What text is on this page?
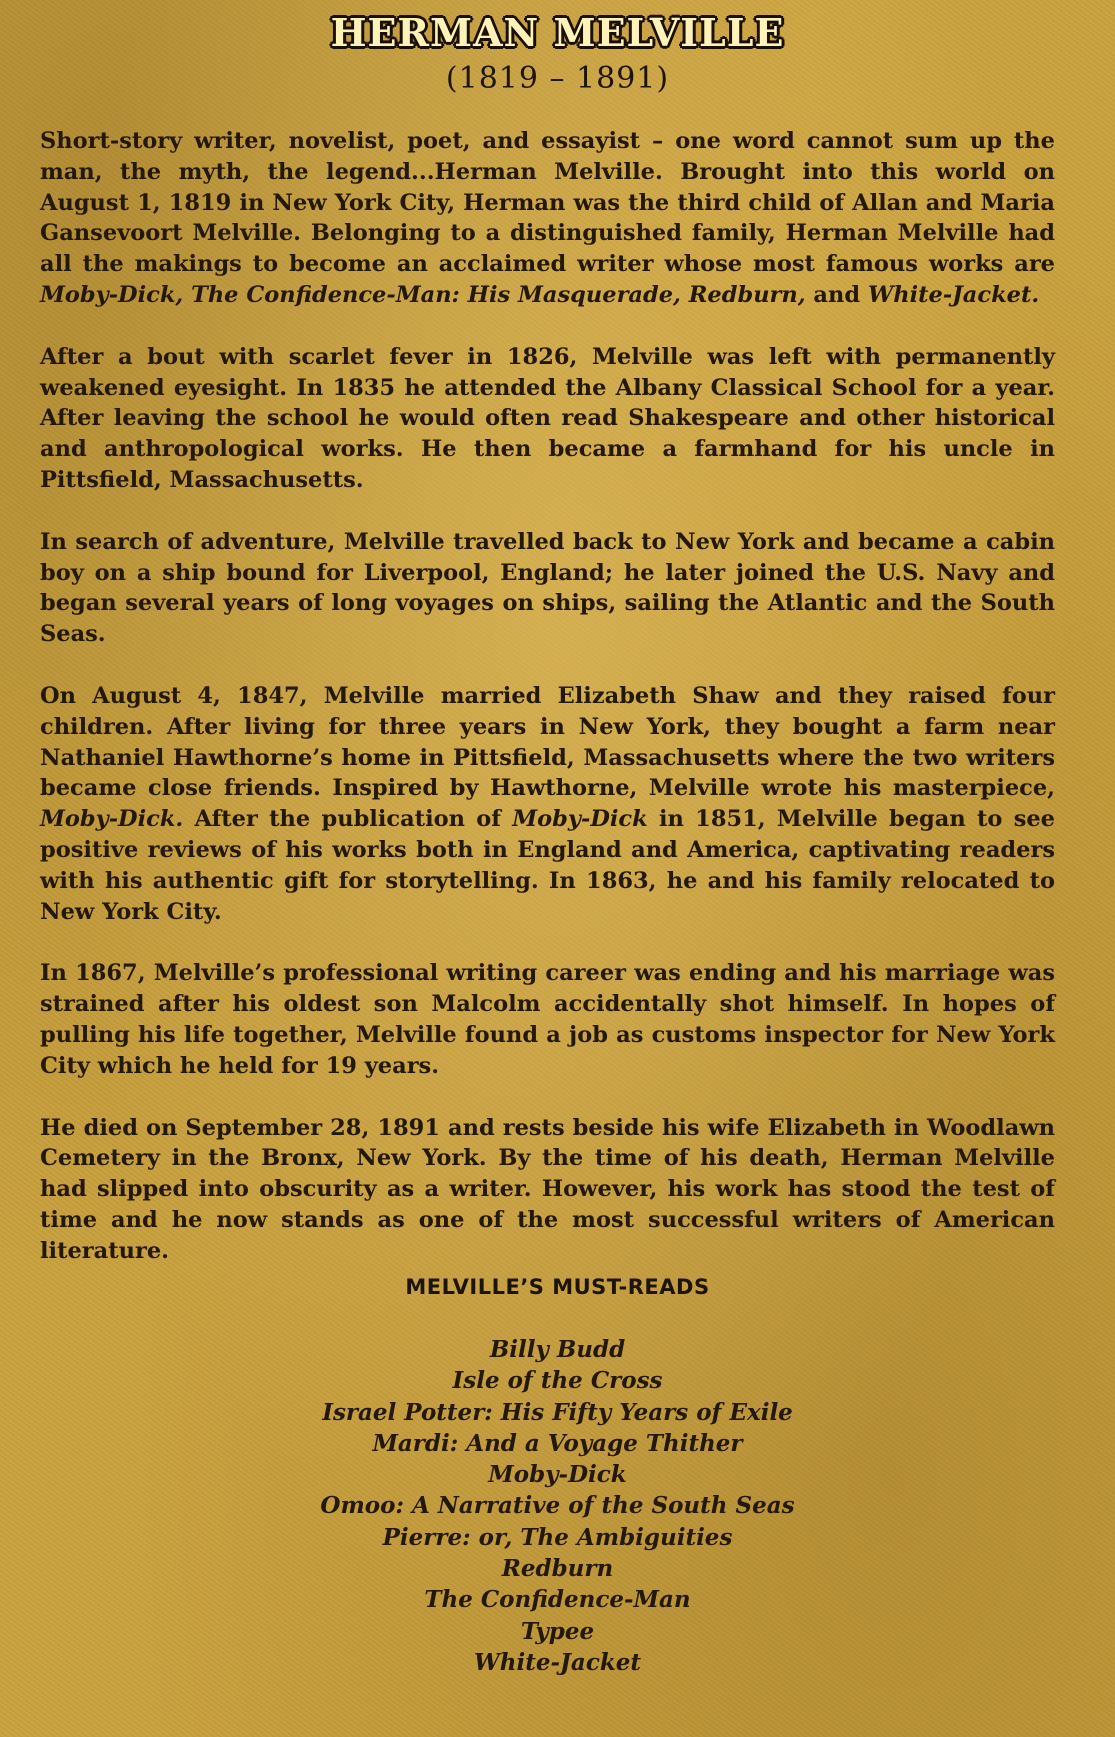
HERMAN MELVILLE
(1819 – 1891)

Short-story writer, novelist, poet, and essayist – one word cannot sum up the man, the myth, the legend...Herman Melville. Brought into this world on August 1, 1819 in New York City, Herman was the third child of Allan and Maria Gansevoort Melville. Belonging to a distinguished family, Herman Melville had all the makings to become an acclaimed writer whose most famous works are Moby-Dick, The Confidence-Man: His Masquerade, Redburn, and White-Jacket.

After a bout with scarlet fever in 1826, Melville was left with permanently weakened eyesight. In 1835 he attended the Albany Classical School for a year. After leaving the school he would often read Shakespeare and other historical and anthropological works. He then became a farmhand for his uncle in Pittsfield, Massachusetts.

In search of adventure, Melville travelled back to New York and became a cabin boy on a ship bound for Liverpool, England; he later joined the U.S. Navy and began several years of long voyages on ships, sailing the Atlantic and the South Seas.

On August 4, 1847, Melville married Elizabeth Shaw and they raised four children. After living for three years in New York, they bought a farm near Nathaniel Hawthorne’s home in Pittsfield, Massachusetts where the two writers became close friends. Inspired by Hawthorne, Melville wrote his masterpiece, Moby-Dick. After the publication of Moby-Dick in 1851, Melville began to see positive reviews of his works both in England and America, captivating readers with his authentic gift for storytelling. In 1863, he and his family relocated to New York City.

In 1867, Melville’s professional writing career was ending and his marriage was strained after his oldest son Malcolm accidentally shot himself. In hopes of pulling his life together, Melville found a job as customs inspector for New York City which he held for 19 years.

He died on September 28, 1891 and rests beside his wife Elizabeth in Woodlawn Cemetery in the Bronx, New York. By the time of his death, Herman Melville had slipped into obscurity as a writer. However, his work has stood the test of time and he now stands as one of the most successful writers of American literature.

MELVILLE’S MUST-READS
Billy Budd
Isle of the Cross
Israel Potter: His Fifty Years of Exile
Mardi: And a Voyage Thither
Moby-Dick
Omoo: A Narrative of the South Seas
Pierre: or, The Ambiguities
Redburn
The Confidence-Man
Typee
White-Jacket
